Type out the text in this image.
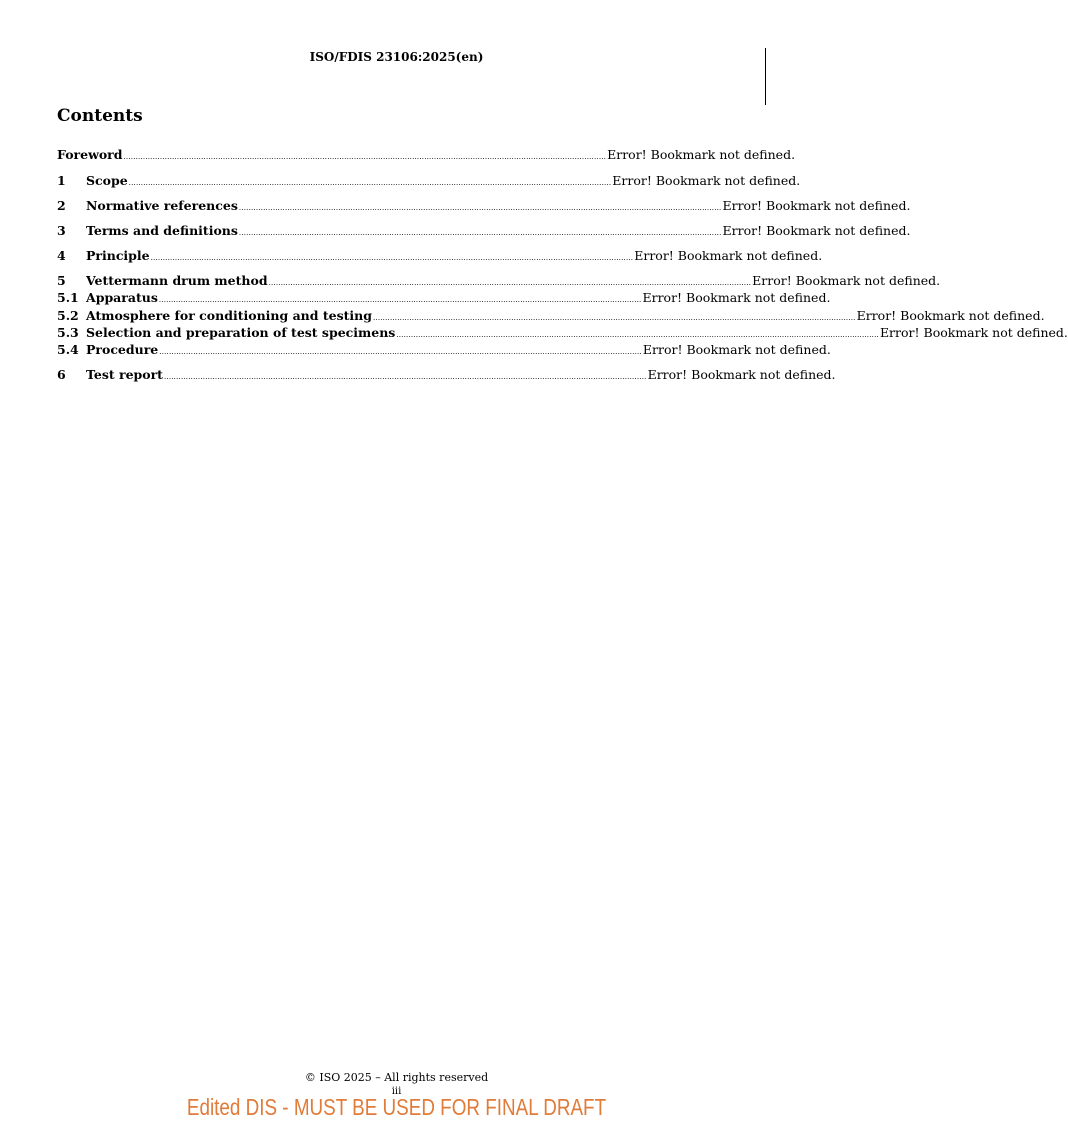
ISO/FDIS 23106:2025(en)
Contents
Foreword ....................................................................................................................................................................................................... Error! Bookmark not defined.
1	Scope ....................................................................................................................................................................................................... Error! Bookmark not defined.
2	Normative references ....................................................................................................................................................................................................... Error! Bookmark not defined.
3	Terms and definitions ....................................................................................................................................................................................................... Error! Bookmark not defined.
4	Principle ....................................................................................................................................................................................................... Error! Bookmark not defined.
5	Vettermann drum method ....................................................................................................................................................................................................... Error! Bookmark not defined.
5.1 Apparatus ....................................................................................................................................................................................................... Error! Bookmark not defined.
5.2 Atmosphere for conditioning and testing ....................................................................................................................................................................................................... Error! Bookmark not defined.
5.3 Selection and preparation of test specimens ....................................................................................................................................................................................................... Error! Bookmark not defined.
5.4 Procedure ....................................................................................................................................................................................................... Error! Bookmark not defined.
6	Test report ....................................................................................................................................................................................................... Error! Bookmark not defined.
© ISO 2025 – All rights reserved
iii
Edited DIS - MUST BE USED FOR FINAL DRAFT
